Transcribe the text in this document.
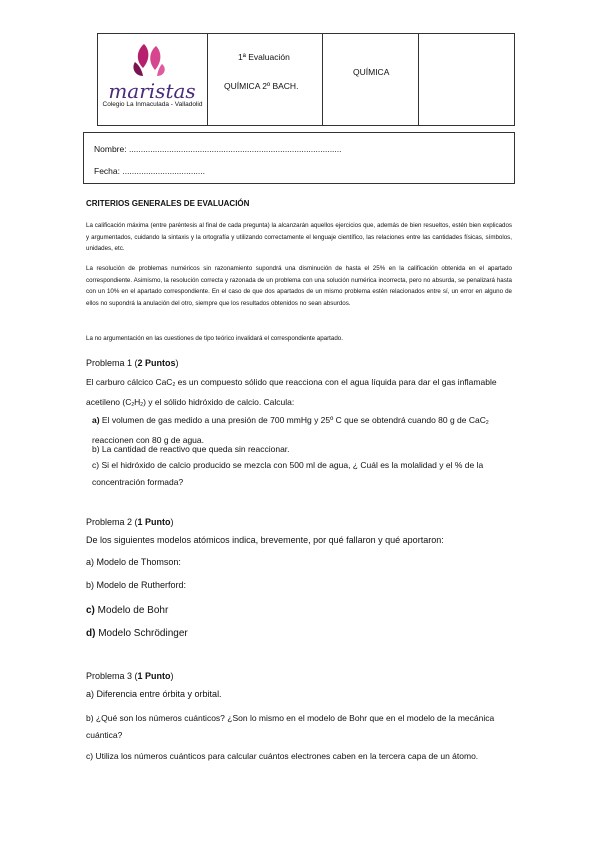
maristas
Colegio La Inmaculada - Valladolid
1ª Evaluación
QUÍMICA 2º BACH.
QUÍMICA
Nombre: ..........................................................................................
Fecha: ...................................
CRITERIOS GENERALES DE EVALUACIÓN
La calificación máxima (entre paréntesis al final de cada pregunta) la alcanzarán aquellos ejercicios que, además de bien resueltos, estén bien explicados y argumentados, cuidando la sintaxis y la ortografía y utilizando correctamente el lenguaje científico, las relaciones entre las cantidades físicas, símbolos, unidades, etc.
La resolución de problemas numéricos sin razonamiento supondrá una disminución de hasta el 25% en la calificación obtenida en el apartado correspondiente. Asimismo, la resolución correcta y razonada de un problema con una solución numérica incorrecta, pero no absurda, se penalizará hasta con un 10% en el apartado correspondiente. En el caso de que dos apartados de un mismo problema estén relacionados entre sí, un error en alguno de ellos no supondrá la anulación del otro, siempre que los resultados obtenidos no sean absurdos.
La no argumentación en las cuestiones de tipo teórico invalidará el correspondiente apartado.
Problema 1 (2 Puntos)
El carburo cálcico CaC$_2$ es un compuesto sólido que reacciona con el agua líquida para dar el gas inflamable acetileno $(C_2H_2)$ y el sólido hidróxido de calcio. Calcula:
a) El volumen de gas medido a una presión de 700 mmHg y 25º C que se obtendrá cuando 80 g de CaC$_2$ reaccionen con 80 g de agua.
b) La cantidad de reactivo que queda sin reaccionar.
c) Si el hidróxido de calcio producido se mezcla con 500 ml de agua, ¿ Cuál es la molalidad y el % de la concentración formada?
Problema 2 (1 Punto)
De los siguientes modelos atómicos indica, brevemente, por qué fallaron y qué aportaron:
a) Modelo de Thomson:
b) Modelo de Rutherford:
c) Modelo de Bohr
d) Modelo Schrödinger
Problema 3 (1 Punto)
a) Diferencia entre órbita y orbital.
b) ¿Qué son los números cuánticos? ¿Son lo mismo en el modelo de Bohr que en el modelo de la mecánica cuántica?
c) Utiliza los números cuánticos para calcular cuántos electrones caben en la tercera capa de un átomo.
